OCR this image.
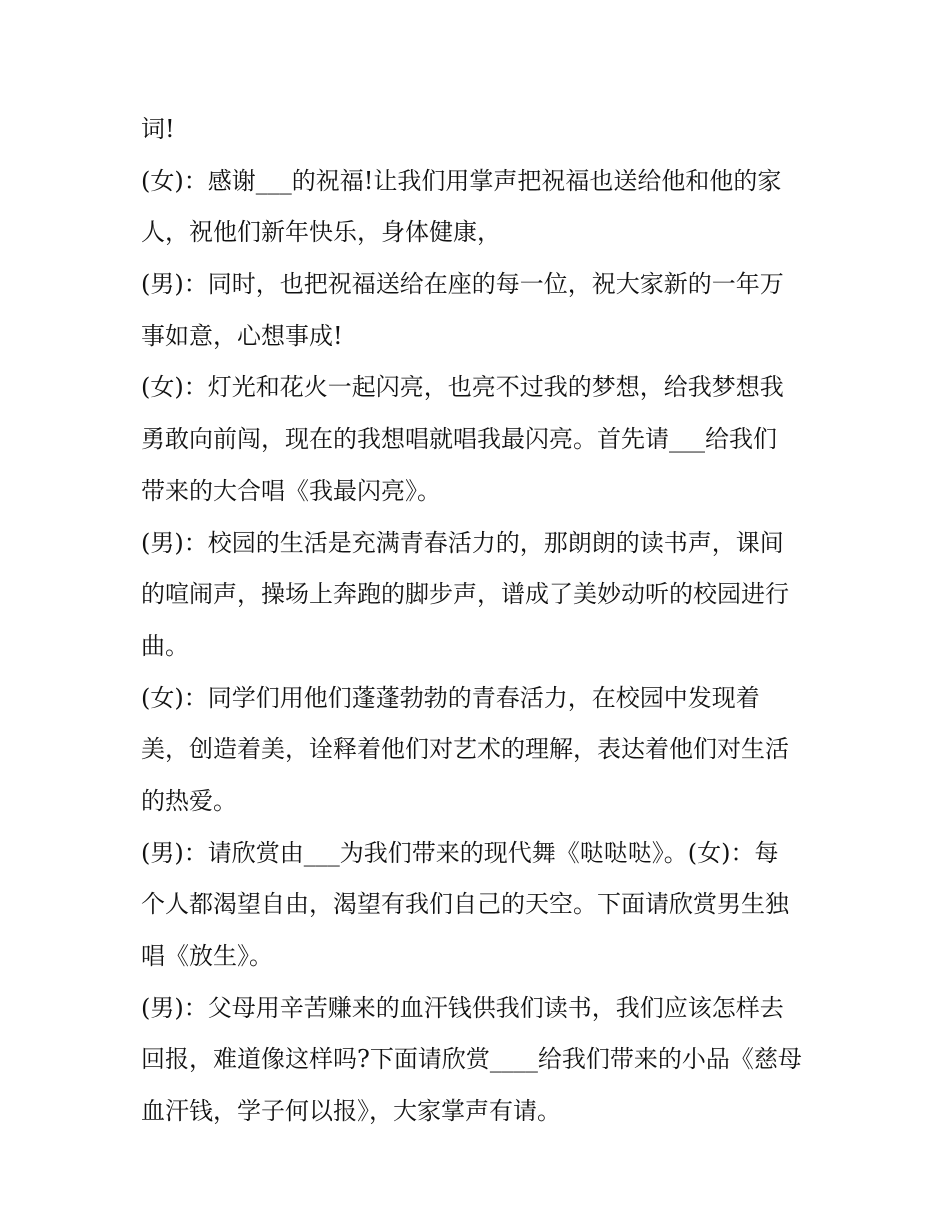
词!
(女)：感谢___的祝福!让我们用掌声把祝福也送给他和他的家
人，祝他们新年快乐，身体健康，
(男)：同时，也把祝福送给在座的每一位，祝大家新的一年万
事如意，心想事成!
(女)：灯光和花火一起闪亮，也亮不过我的梦想，给我梦想我
勇敢向前闯，现在的我想唱就唱我最闪亮。首先请___给我们
带来的大合唱《我最闪亮》。
(男)：校园的生活是充满青春活力的，那朗朗的读书声，课间
的喧闹声，操场上奔跑的脚步声，谱成了美妙动听的校园进行
曲。
(女)：同学们用他们蓬蓬勃勃的青春活力，在校园中发现着
美，创造着美，诠释着他们对艺术的理解，表达着他们对生活
的热爱。
(男)：请欣赏由___为我们带来的现代舞《哒哒哒》。(女)：每
个人都渴望自由，渴望有我们自己的天空。下面请欣赏男生独
唱《放生》。
(男)：父母用辛苦赚来的血汗钱供我们读书，我们应该怎样去
回报，难道像这样吗?下面请欣赏____给我们带来的小品《慈母
血汗钱，学子何以报》，大家掌声有请。
